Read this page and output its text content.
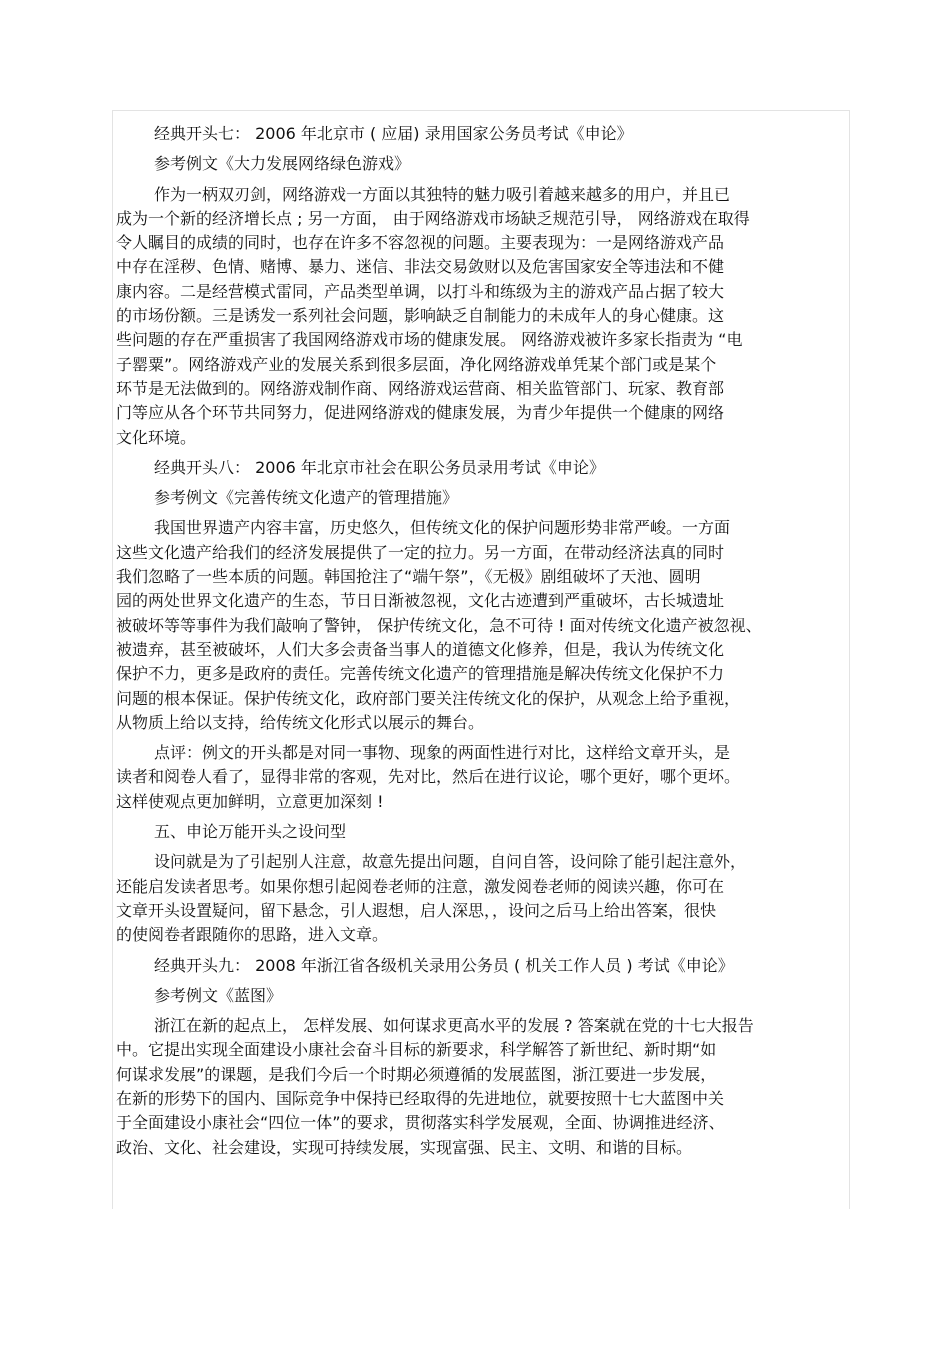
经典开头七： 2006 年北京市 ( 应届) 录用国家公务员考试《申论》
参考例文《大力发展网络绿色游戏》
作为一柄双刃剑，网络游戏一方面以其独特的魅力吸引着越来越多的用户，并且已
成为一个新的经济增长点 ; 另一方面， 由于网络游戏市场缺乏规范引导， 网络游戏在取得
令人瞩目的成绩的同时，也存在许多不容忽视的问题。主要表现为：一是网络游戏产品
中存在淫秽、色情、赌博、暴力、迷信、非法交易敛财以及危害国家安全等违法和不健
康内容。二是经营模式雷同，产品类型单调，以打斗和练级为主的游戏产品占据了较大
的市场份额。三是诱发一系列社会问题，影响缺乏自制能力的未成年人的身心健康。这
些问题的存在严重损害了我国网络游戏市场的健康发展。 网络游戏被许多家长指责为 “电
子罂粟”。网络游戏产业的发展关系到很多层面，净化网络游戏单凭某个部门或是某个
环节是无法做到的。网络游戏制作商、网络游戏运营商、相关监管部门、玩家、教育部
门等应从各个环节共同努力，促进网络游戏的健康发展，为青少年提供一个健康的网络
文化环境。
经典开头八： 2006 年北京市社会在职公务员录用考试《申论》
参考例文《完善传统文化遗产的管理措施》
我国世界遗产内容丰富，历史悠久，但传统文化的保护问题形势非常严峻。一方面
这些文化遗产给我们的经济发展提供了一定的拉力。另一方面，在带动经济法真的同时
我们忽略了一些本质的问题。韩国抢注了“端午祭”，《无极》剧组破坏了天池、圆明
园的两处世界文化遗产的生态，节日日渐被忽视，文化古迹遭到严重破坏，古长城遗址
被破坏等等事件为我们敲响了警钟， 保护传统文化，急不可待 ! 面对传统文化遗产被忽视、
被遗弃，甚至被破坏，人们大多会责备当事人的道德文化修养，但是，我认为传统文化
保护不力，更多是政府的责任。完善传统文化遗产的管理措施是解决传统文化保护不力
问题的根本保证。保护传统文化，政府部门要关注传统文化的保护，从观念上给予重视，
从物质上给以支持，给传统文化形式以展示的舞台。
点评：例文的开头都是对同一事物、现象的两面性进行对比，这样给文章开头，是
读者和阅卷人看了，显得非常的客观，先对比，然后在进行议论，哪个更好，哪个更坏。
这样使观点更加鲜明，立意更加深刻 !
五、申论万能开头之设问型
设问就是为了引起别人注意，故意先提出问题，自问自答，设问除了能引起注意外，
还能启发读者思考。如果你想引起阅卷老师的注意，激发阅卷老师的阅读兴趣，你可在
文章开头设置疑问，留下悬念，引人遐想，启人深思，，设问之后马上给出答案，很快
的使阅卷者跟随你的思路，进入文章。
经典开头九： 2008 年浙江省各级机关录用公务员 ( 机关工作人员 ) 考试《申论》
参考例文《蓝图》
浙江在新的起点上， 怎样发展、如何谋求更高水平的发展 ? 答案就在党的十七大报告
中。它提出实现全面建设小康社会奋斗目标的新要求，科学解答了新世纪、新时期“如
何谋求发展”的课题，是我们今后一个时期必须遵循的发展蓝图，浙江要进一步发展，
在新的形势下的国内、国际竞争中保持已经取得的先进地位，就要按照十七大蓝图中关
于全面建设小康社会“四位一体”的要求，贯彻落实科学发展观，全面、协调推进经济、
政治、文化、社会建设，实现可持续发展，实现富强、民主、文明、和谐的目标。
